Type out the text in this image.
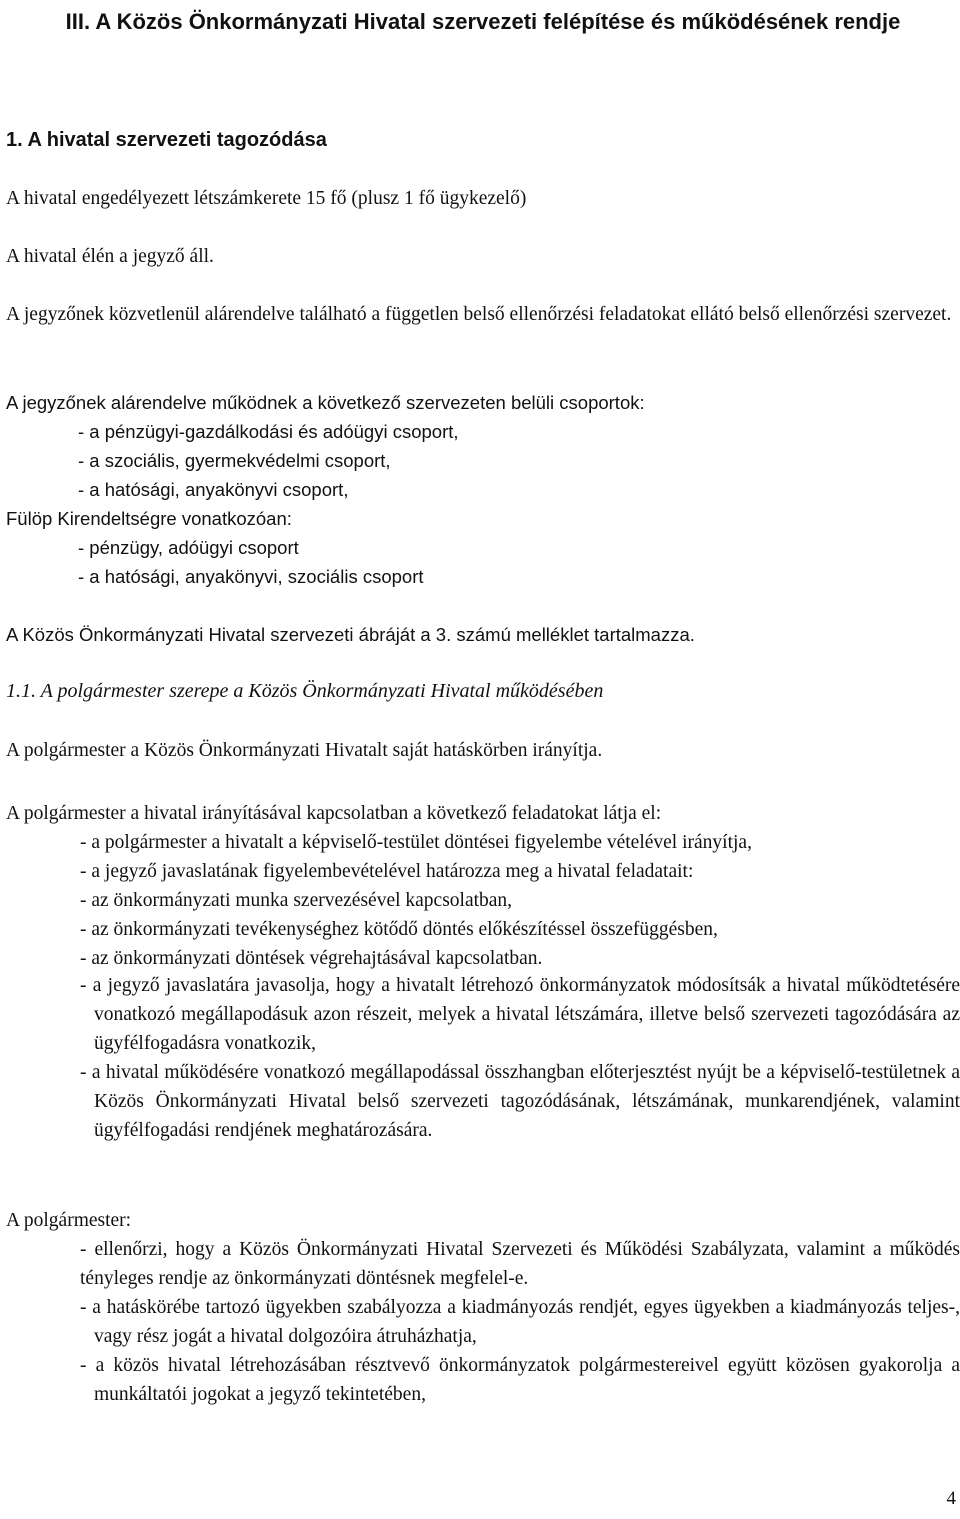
III. A Közös Önkormányzati Hivatal szervezeti felépítése és működésének rendje
1. A hivatal szervezeti tagozódása
A hivatal engedélyezett létszámkerete 15 fő (plusz 1 fő ügykezelő)
A hivatal élén a jegyző áll.
A jegyzőnek közvetlenül alárendelve található a független belső ellenőrzési feladatokat ellátó belső ellenőrzési szervezet.
A jegyzőnek alárendelve működnek a következő szervezeten belüli csoportok:
- a pénzügyi-gazdálkodási és adóügyi csoport,
- a szociális, gyermekvédelmi csoport,
- a hatósági, anyakönyvi csoport,
Fülöp Kirendeltségre vonatkozóan:
- pénzügy, adóügyi csoport
- a hatósági, anyakönyvi, szociális csoport
A Közös Önkormányzati Hivatal szervezeti ábráját a 3. számú melléklet tartalmazza.
1.1. A polgármester szerepe a Közös Önkormányzati Hivatal működésében
A polgármester a Közös Önkormányzati Hivatalt saját hatáskörben irányítja.
A polgármester a hivatal irányításával kapcsolatban a következő feladatokat látja el:
- a polgármester a hivatalt a képviselő-testület döntései figyelembe vételével irányítja,
- a jegyző javaslatának figyelembevételével határozza meg a hivatal feladatait:
- az önkormányzati munka szervezésével kapcsolatban,
- az önkormányzati tevékenységhez kötődő döntés előkészítéssel összefüggésben,
- az önkormányzati döntések végrehajtásával kapcsolatban.
- a jegyző javaslatára javasolja, hogy a hivatalt létrehozó önkormányzatok módosítsák a hivatal működtetésére vonatkozó megállapodásuk azon részeit, melyek a hivatal létszámára, illetve belső szervezeti tagozódására az ügyfélfogadásra vonatkozik,
- a hivatal működésére vonatkozó megállapodással összhangban előterjesztést nyújt be a képviselő-testületnek a Közös Önkormányzati Hivatal belső szervezeti tagozódásának, létszámának, munkarendjének, valamint ügyfélfogadási rendjének meghatározására.
A polgármester:
- ellenőrzi, hogy a Közös Önkormányzati Hivatal Szervezeti és Működési Szabályzata, valamint a működés tényleges rendje az önkormányzati döntésnek megfelel-e.
- a hatáskörébe tartozó ügyekben szabályozza a kiadmányozás rendjét, egyes ügyekben a kiadmányozás teljes-, vagy rész jogát a hivatal dolgozóira átruházhatja,
- a közös hivatal létrehozásában résztvevő önkormányzatok polgármestereivel együtt közösen gyakorolja a munkáltatói jogokat a jegyző tekintetében,
4
